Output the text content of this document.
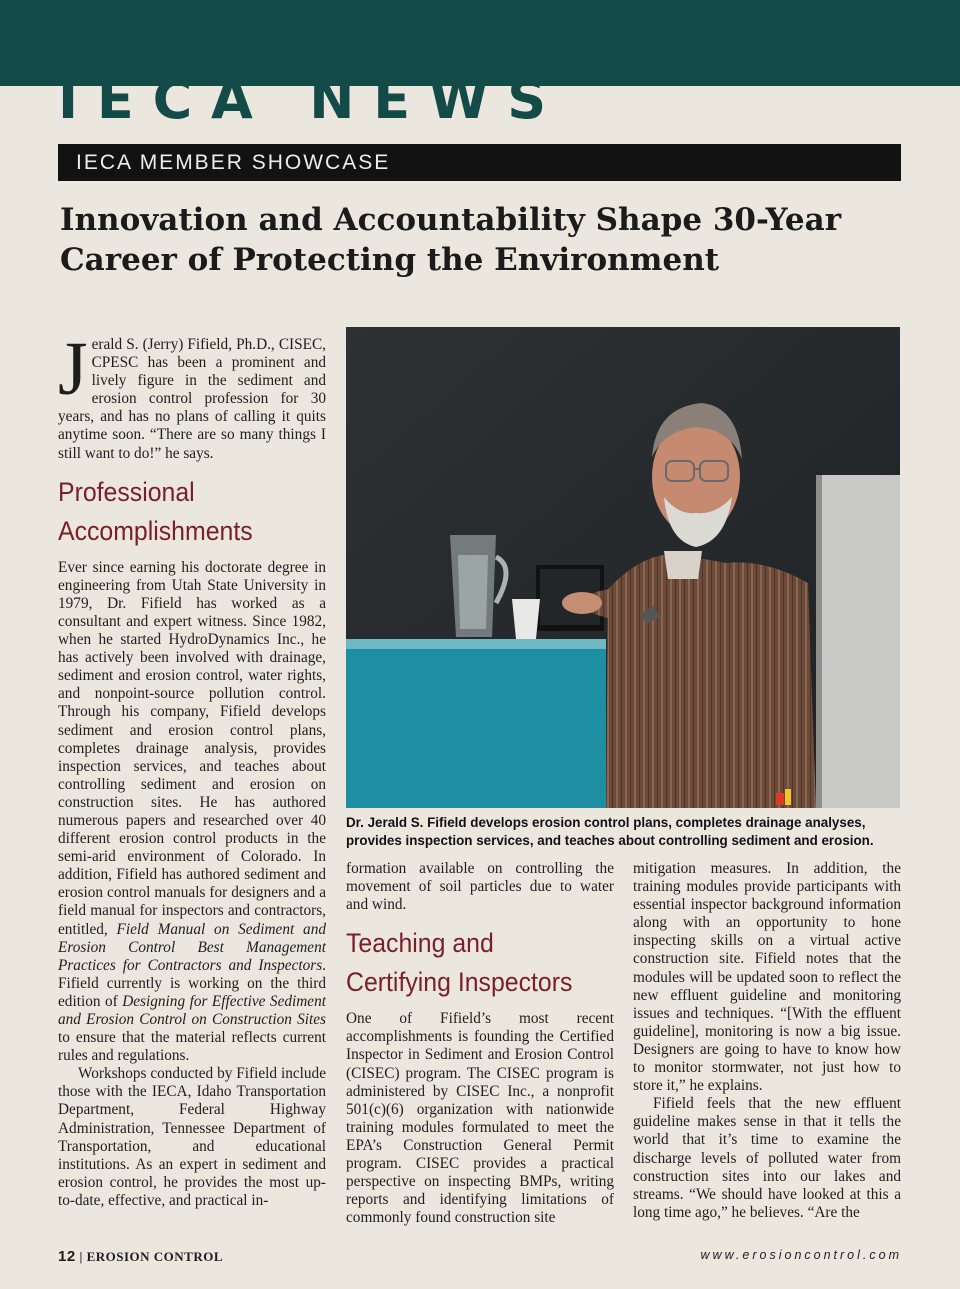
I E C A   N E W S
IECA MEMBER SHOWCASE
Innovation and Accountability Shape 30-Year Career of Protecting the Environment

Jerald S. (Jerry) Fifield, Ph.D., CISEC, CPESC has been a prominent and lively figure in the sediment and erosion control profession for 30 years, and has no plans of calling it quits anytime soon. “There are so many things I still want to do!” he says.

Professional Accomplishments

Ever since earning his doctorate degree in engineering from Utah State University in 1979, Dr. Fifield has worked as a consultant and expert witness. Since 1982, when he started HydroDynamics Inc., he has actively been involved with drainage, sediment and erosion control, water rights, and nonpoint-source pollution control. Through his company, Fifield develops sediment and erosion control plans, completes drainage analysis, provides inspection services, and teaches about controlling sediment and erosion on construction sites. He has authored numerous papers and researched over 40 different erosion control products in the semi-arid environment of Colorado. In addition, Fifield has authored sediment and erosion control manuals for designers and a field manual for inspectors and contractors, entitled, Field Manual on Sediment and Erosion Control Best Management Practices for Contractors and Inspectors. Fifield currently is working on the third edition of Designing for Effective Sediment and Erosion Control on Construction Sites to ensure that the material reflects current rules and regulations.

Workshops conducted by Fifield include those with the IECA, Idaho Transportation Department, Federal Highway Administration, Tennessee Department of Transportation, and educational institutions. As an expert in sediment and erosion control, he provides the most up-to-date, effective, and practical in-

Dr. Jerald S. Fifield develops erosion control plans, completes drainage analyses, provides inspection services, and teaches about controlling sediment and erosion.

formation available on controlling the movement of soil particles due to water and wind.

Teaching and Certifying Inspectors

One of Fifield’s most recent accomplishments is founding the Certified Inspector in Sediment and Erosion Control (CISEC) program. The CISEC program is administered by CISEC Inc., a nonprofit 501(c)(6) organization with nationwide training modules formulated to meet the EPA’s Construction General Permit program. CISEC provides a practical perspective on inspecting BMPs, writing reports and identifying limitations of commonly found construction site

mitigation measures. In addition, the training modules provide participants with essential inspector background information along with an opportunity to hone inspecting skills on a virtual active construction site. Fifield notes that the modules will be updated soon to reflect the new effluent guideline and monitoring issues and techniques. “[With the effluent guideline], monitoring is now a big issue. Designers are going to have to know how to monitor stormwater, not just how to store it,” he explains.

Fifield feels that the new effluent guideline makes sense in that it tells the world that it’s time to examine the discharge levels of polluted water from construction sites into our lakes and streams. “We should have looked at this a long time ago,” he believes. “Are the

12 | EROSION CONTROL	www.erosioncontrol.com
